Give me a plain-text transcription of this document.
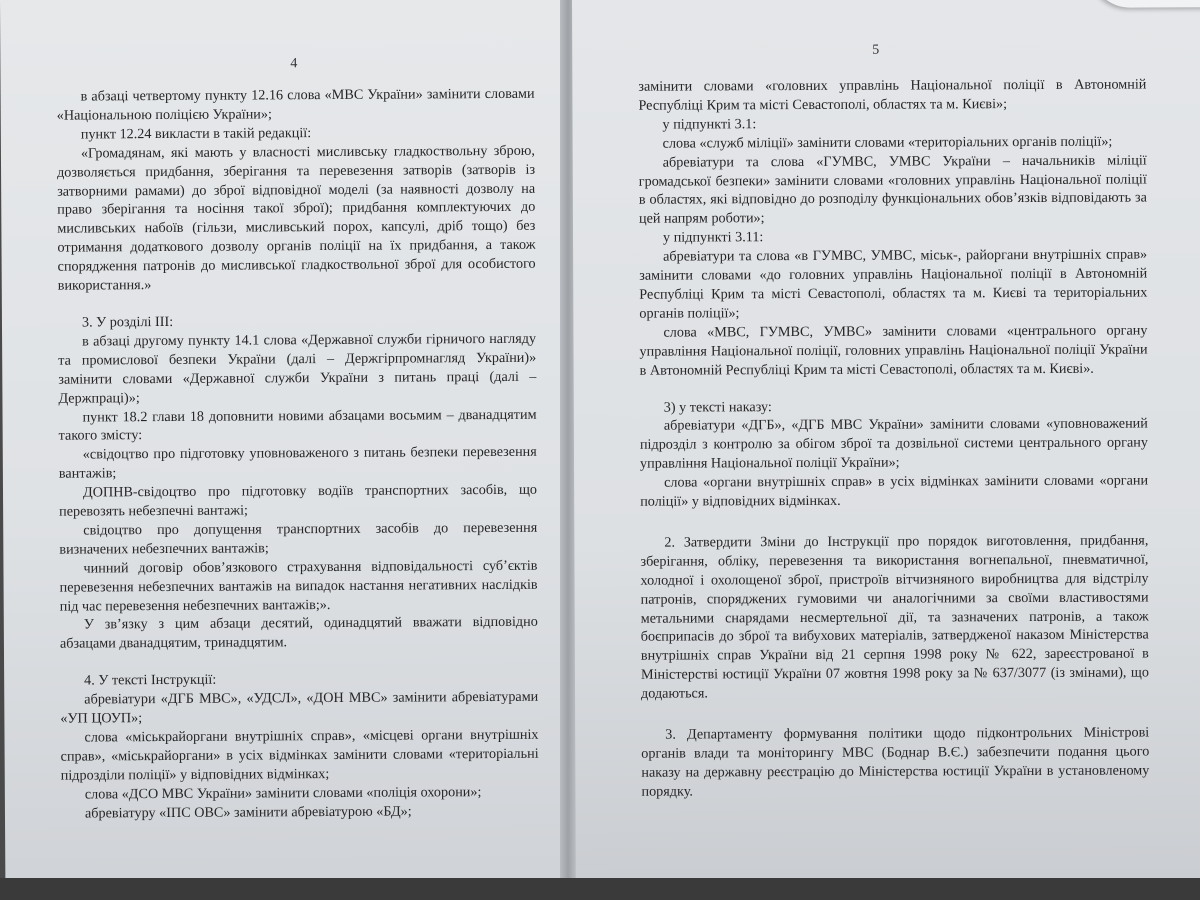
4

в абзаці четвертому пункту 12.16 слова «МВС України» замінити словами «Національною поліцією України»;

пункт 12.24 викласти в такій редакції:

«Громадянам, які мають у власності мисливську гладкоствольну зброю, дозволяється придбання, зберігання та перевезення затворів (затворів із затворними рамами) до зброї відповідної моделі (за наявності дозволу на право зберігання та носіння такої зброї); придбання комплектуючих до мисливських набоїв (гільзи, мисливський порох, капсулі, дріб тощо) без отримання додаткового дозволу органів поліції на їх придбання, а також спорядження патронів до мисливської гладкоствольної зброї для особистого використання.»

3. У розділі ІІІ:

в абзаці другому пункту 14.1 слова «Державної служби гірничого нагляду та промислової безпеки України (далі – Держгірпромнагляд України)» замінити словами «Державної служби України з питань праці (далі – Держпраці)»;

пункт 18.2 глави 18 доповнити новими абзацами восьмим – дванадцятим такого змісту:

«свідоцтво про підготовку уповноваженого з питань безпеки перевезення вантажів;

ДОПНВ-свідоцтво про підготовку водіїв транспортних засобів, що перевозять небезпечні вантажі;

свідоцтво про допущення транспортних засобів до перевезення визначених небезпечних вантажів;

чинний договір обов’язкового страхування відповідальності суб’єктів перевезення небезпечних вантажів на випадок настання негативних наслідків під час перевезення небезпечних вантажів;».

У зв’язку з цим абзаци десятий, одинадцятий вважати відповідно абзацами дванадцятим, тринадцятим.

4. У тексті Інструкції:

абревіатури «ДГБ МВС», «УДСЛ», «ДОН МВС» замінити абревіатурами «УП ЦОУП»;

слова «міськрайоргани внутрішніх справ», «місцеві органи внутрішніх справ», «міськрайоргани» в усіх відмінках замінити словами «територіальні підрозділи поліції» у відповідних відмінках;

слова «ДСО МВС України» замінити словами «поліція охорони»;

абревіатуру «ІПС ОВС» замінити абревіатурою «БД»;

5

замінити словами «головних управлінь Національної поліції в Автономній Республіці Крим та місті Севастополі, областях та м. Києві»;

у підпункті 3.1:

слова «служб міліції» замінити словами «територіальних органів поліції»;

абревіатури та слова «ГУМВС, УМВС України – начальників міліції громадської безпеки» замінити словами «головних управлінь Національної поліції в областях, які відповідно до розподілу функціональних обов’язків відповідають за цей напрям роботи»;

у підпункті 3.11:

абревіатури та слова «в ГУМВС, УМВС, міськ-, райоргани внутрішніх справ» замінити словами «до головних управлінь Національної поліції в Автономній Республіці Крим та місті Севастополі, областях та м. Києві та територіальних органів поліції»;

слова «МВС, ГУМВС, УМВС» замінити словами «центрального органу управління Національної поліції, головних управлінь Національної поліції України в Автономній Республіці Крим та місті Севастополі, областях та м. Києві».

3) у тексті наказу:

абревіатури «ДГБ», «ДГБ МВС України» замінити словами «уповноважений підрозділ з контролю за обігом зброї та дозвільної системи центрального органу управління Національної поліції України»;

слова «органи внутрішніх справ» в усіх відмінках замінити словами «органи поліції» у відповідних відмінках.

2. Затвердити Зміни до Інструкції про порядок виготовлення, придбання, зберігання, обліку, перевезення та використання вогнепальної, пневматичної, холодної і охолощеної зброї, пристроїв вітчизняного виробництва для відстрілу патронів, споряджених гумовими чи аналогічними за своїми властивостями метальними снарядами несмертельної дії, та зазначених патронів, а також боєприпасів до зброї та вибухових матеріалів, затвердженої наказом Міністерства внутрішніх справ України від 21 серпня 1998 року № 622, зареєстрованої в Міністерстві юстиції України 07 жовтня 1998 року за № 637/3077 (із змінами), що додаються.

3. Департаменту формування політики щодо підконтрольних Міністрові органів влади та моніторингу МВС (Боднар В.Є.) забезпечити подання цього наказу на державну реєстрацію до Міністерства юстиції України в установленому порядку.
